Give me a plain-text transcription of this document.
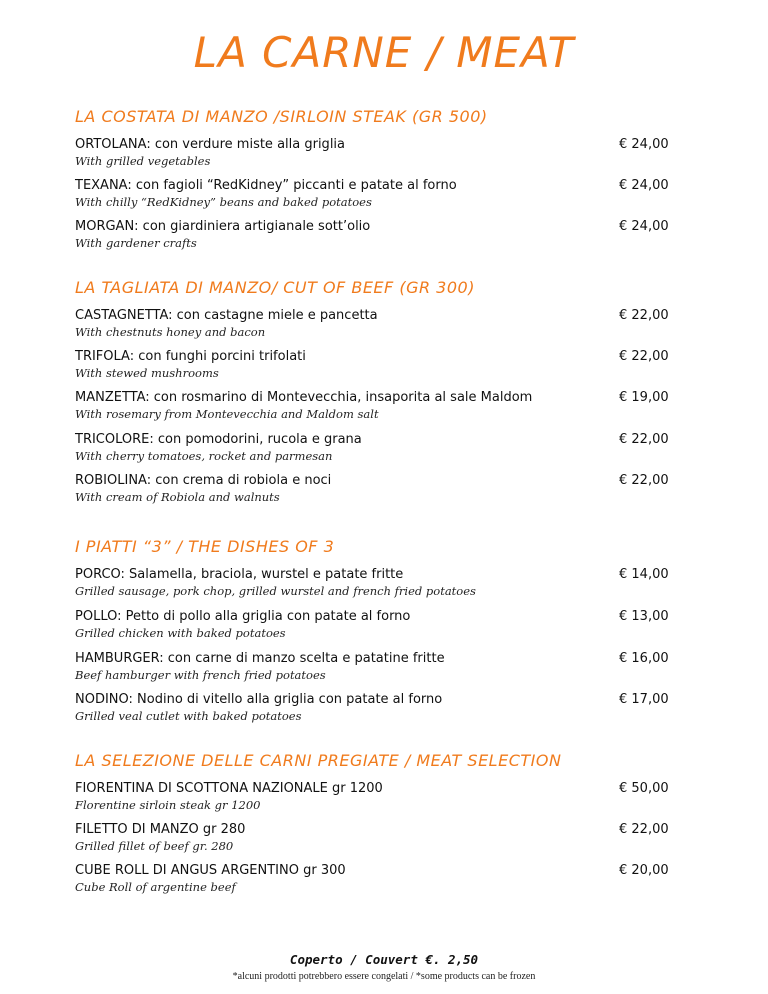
LA CARNE / MEAT
LA COSTATA DI MANZO /SIRLOIN STEAK (GR 500)
ORTOLANA: con verdure miste alla griglia
With grilled vegetables
€ 24,00
TEXANA: con fagioli “RedKidney” piccanti e patate al forno
With chilly “RedKidney” beans and baked potatoes
€ 24,00
MORGAN: con giardiniera artigianale sott’olio
With gardener crafts
€ 24,00
LA TAGLIATA DI MANZO/ CUT OF BEEF (GR 300)
CASTAGNETTA: con castagne miele e pancetta
With chestnuts honey and bacon
€ 22,00
TRIFOLA: con funghi porcini trifolati
With stewed mushrooms
€ 22,00
MANZETTA: con rosmarino di Montevecchia, insaporita al sale Maldom
With rosemary from Montevecchia and Maldom salt
€ 19,00
TRICOLORE: con pomodorini, rucola e grana
With cherry tomatoes, rocket and parmesan
€ 22,00
ROBIOLINA: con crema di robiola e noci
With cream of Robiola and walnuts
€ 22,00
I PIATTI “3” / THE DISHES OF 3
PORCO: Salamella, braciola, wurstel e patate fritte
Grilled sausage, pork chop, grilled wurstel and french fried potatoes
€ 14,00
POLLO: Petto di pollo alla griglia con patate al forno
Grilled chicken with baked potatoes
€ 13,00
HAMBURGER: con carne di manzo scelta e patatine fritte
Beef hamburger with french fried potatoes
€ 16,00
NODINO: Nodino di vitello alla griglia con patate al forno
Grilled veal cutlet with baked potatoes
€ 17,00
LA SELEZIONE DELLE CARNI PREGIATE / MEAT SELECTION
FIORENTINA DI SCOTTONA NAZIONALE gr 1200
Florentine sirloin steak gr 1200
€ 50,00
FILETTO DI MANZO gr 280
Grilled fillet of beef gr. 280
€ 22,00
CUBE ROLL DI ANGUS ARGENTINO gr 300
Cube Roll of argentine beef
€ 20,00
Coperto / Couvert €. 2,50
*alcuni prodotti potrebbero essere congelati / *some products can be frozen
